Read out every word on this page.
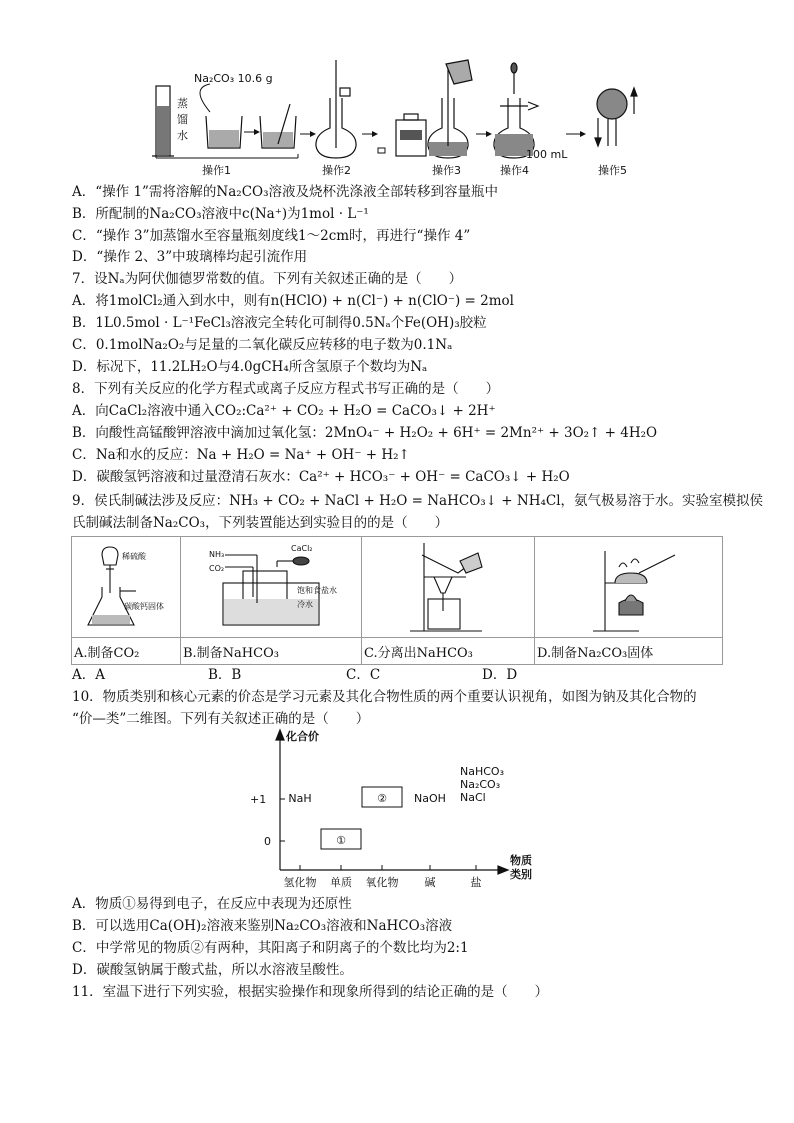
蒸
馏
水
Na₂CO₃ 10.6 g
操作1	操作2	操作3
100 mL
操作4	操作5
A．“操作 1”需将溶解的Na₂CO₃溶液及烧杯洗涤液全部转移到容量瓶中
B．所配制的Na₂CO₃溶液中c(Na⁺)为1mol · L⁻¹
C．“操作 3”加蒸馏水至容量瓶刻度线1～2cm时，再进行“操作 4”
D．“操作 2、3”中玻璃棒均起引流作用
7．设Nₐ为阿伏伽德罗常数的值。下列有关叙述正确的是（　　）
A．将1molCl₂通入到水中，则有n(HClO) + n(Cl⁻) + n(ClO⁻) = 2mol
B．1L0.5mol · L⁻¹FeCl₃溶液完全转化可制得0.5Nₐ个Fe(OH)₃胶粒
C．0.1molNa₂O₂与足量的二氧化碳反应转移的电子数为0.1Nₐ
D．标况下，11.2LH₂O与4.0gCH₄所含氢原子个数均为Nₐ
8．下列有关反应的化学方程式或离子反应方程式书写正确的是（　　）
A．向CaCl₂溶液中通入CO₂:Ca²⁺ + CO₂ + H₂O = CaCO₃↓ + 2H⁺
B．向酸性高锰酸钾溶液中滴加过氧化氢：2MnO₄⁻ + H₂O₂ + 6H⁺ = 2Mn²⁺ + 3O₂↑ + 4H₂O
C．Na和水的反应：Na + H₂O = Na⁺ + OH⁻ + H₂↑
D．碳酸氢钙溶液和过量澄清石灰水：Ca²⁺ + HCO₃⁻ + OH⁻ = CaCO₃↓ + H₂O
9．侯氏制碱法涉及反应：NH₃ + CO₂ + NaCl + H₂O = NaHCO₃↓ + NH₄Cl，氨气极易溶于水。实验室模拟侯
氏制碱法制备Na₂CO₃，下列装置能达到实验目的的是（　　）
稀硫酸
碳酸钙固体	NH₃
CO₂
CaCl₂
饱和食盐水
冷水

A.制备CO₂	B.制备NaHCO₃	C.分离出NaHCO₃	D.制备Na₂CO₃固体
A．A	B．B	C．C	D．D
10．物质类别和核心元素的价态是学习元素及其化合物性质的两个重要认识视角，如图为钠及其化合物的
“价—类”二维图。下列有关叙述正确的是（　　）
化合价
物质类别
+1
0
氢化物 单质 氧化物 碱	盐
NaH
①
② NaOH
NaHCO₃
Na₂CO₃
NaCl
A．物质①易得到电子，在反应中表现为还原性
B．可以选用Ca(OH)₂溶液来鉴别Na₂CO₃溶液和NaHCO₃溶液
C．中学常见的物质②有两种，其阳离子和阴离子的个数比均为2:1
D．碳酸氢钠属于酸式盐，所以水溶液呈酸性。
11．室温下进行下列实验，根据实验操作和现象所得到的结论正确的是（　　）
